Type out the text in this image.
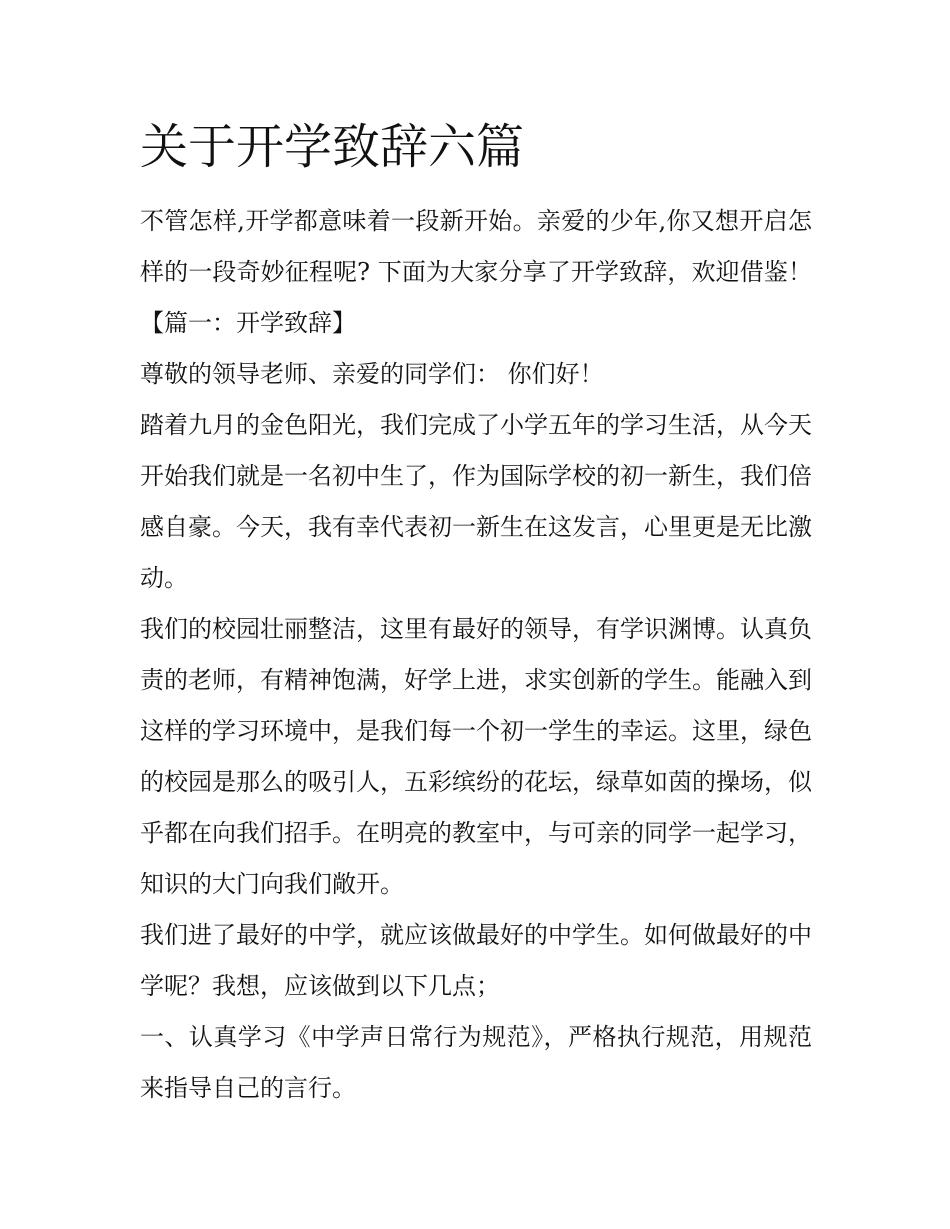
关于开学致辞六篇

不管怎样,开学都意味着一段新开始。亲爱的少年,你又想开启怎样的一段奇妙征程呢? 下面为大家分享了开学致辞，欢迎借鉴！ 【篇一：开学致辞】

尊敬的领导老师、亲爱的同学们： 你们好！

踏着九月的金色阳光，我们完成了小学五年的学习生活，从今天开始我们就是一名初中生了，作为国际学校的初一新生，我们倍感自豪。今天，我有幸代表初一新生在这发言，心里更是无比激动。

我们的校园壮丽整洁，这里有最好的领导，有学识渊博。认真负责的老师，有精神饱满，好学上进，求实创新的学生。能融入到这样的学习环境中，是我们每一个初一学生的幸运。这里，绿色的校园是那么的吸引人，五彩缤纷的花坛，绿草如茵的操场，似乎都在向我们招手。在明亮的教室中，与可亲的同学一起学习，知识的大门向我们敞开。

我们进了最好的中学，就应该做最好的中学生。如何做最好的中学呢？我想，应该做到以下几点；

一、认真学习《中学声日常行为规范》，严格执行规范，用规范来指导自己的言行。
